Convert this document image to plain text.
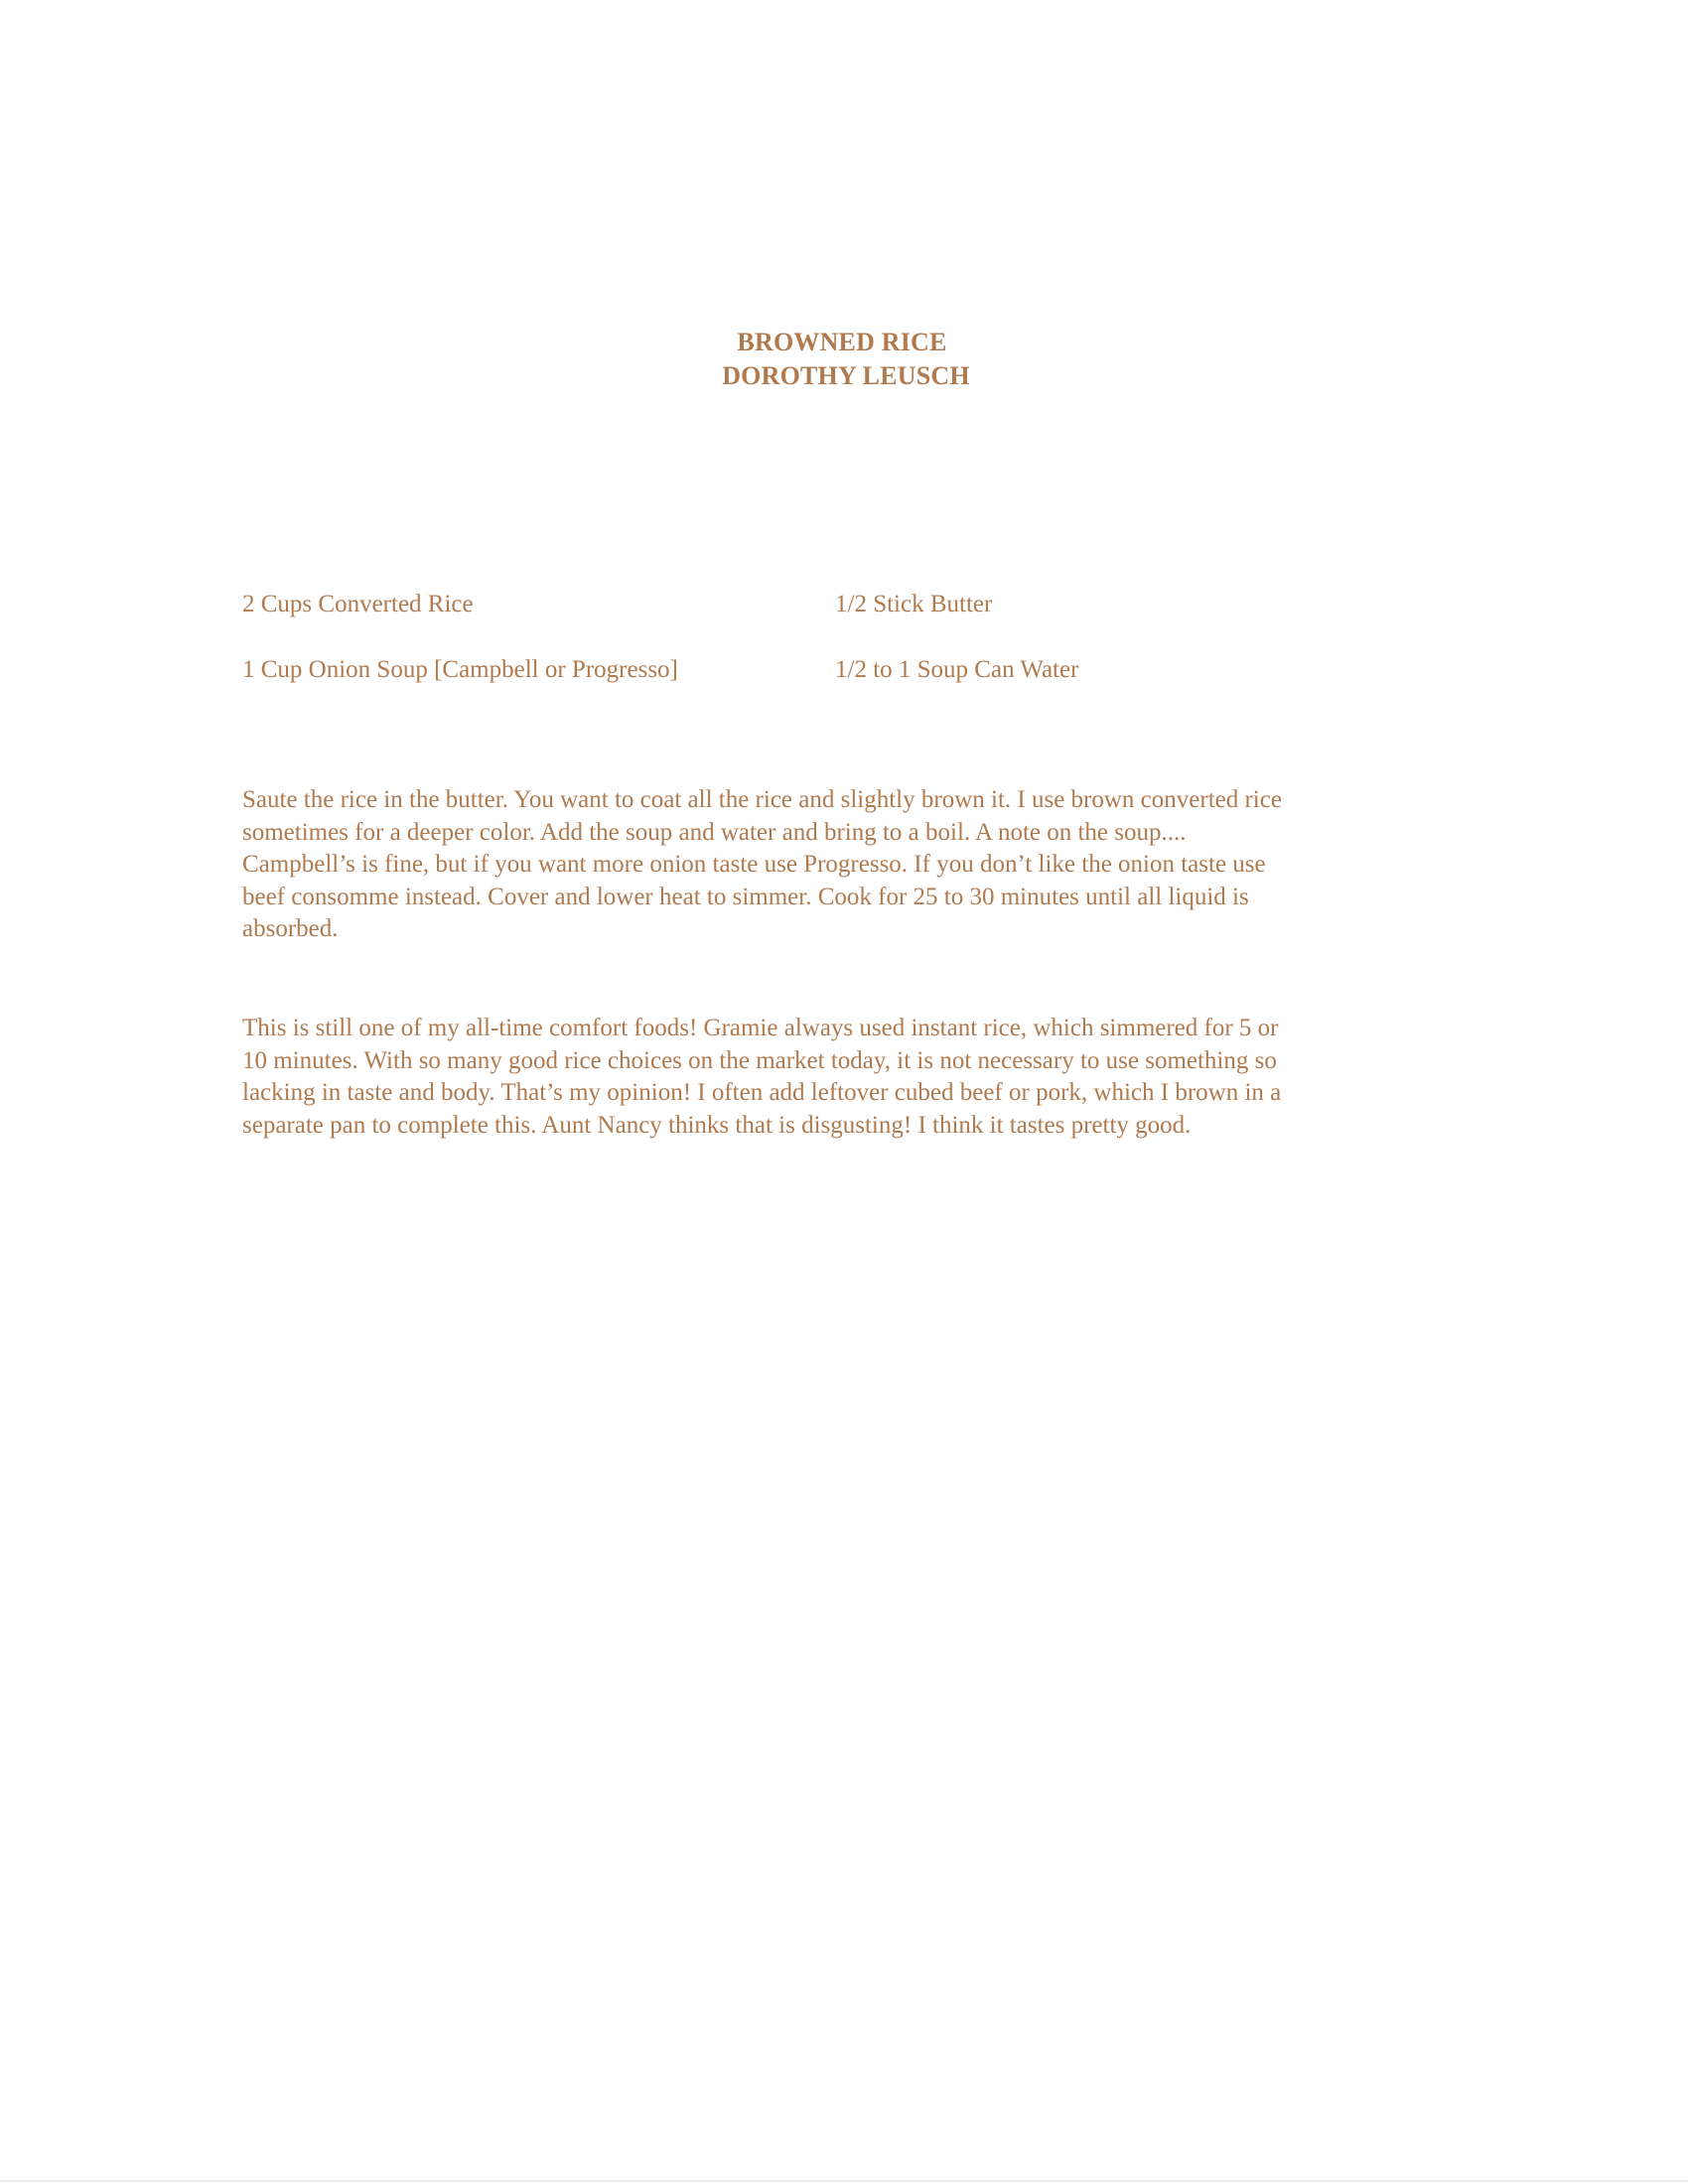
BROWNED RICE
DOROTHY LEUSCH
2 Cups Converted Rice	1/2 Stick Butter
1 Cup Onion Soup [Campbell or Progresso]	1/2 to 1 Soup Can Water
Saute the rice in the butter. You want to coat all the rice and slightly brown it. I use brown converted rice
sometimes for a deeper color. Add the soup and water and bring to a boil. A note on the soup....
Campbell’s is fine, but if you want more onion taste use Progresso. If you don’t like the onion taste use
beef consomme instead. Cover and lower heat to simmer. Cook for 25 to 30 minutes until all liquid is
absorbed.
This is still one of my all-time comfort foods! Gramie always used instant rice, which simmered for 5 or
10 minutes. With so many good rice choices on the market today, it is not necessary to use something so
lacking in taste and body. That’s my opinion! I often add leftover cubed beef or pork, which I brown in a
separate pan to complete this. Aunt Nancy thinks that is disgusting! I think it tastes pretty good.
